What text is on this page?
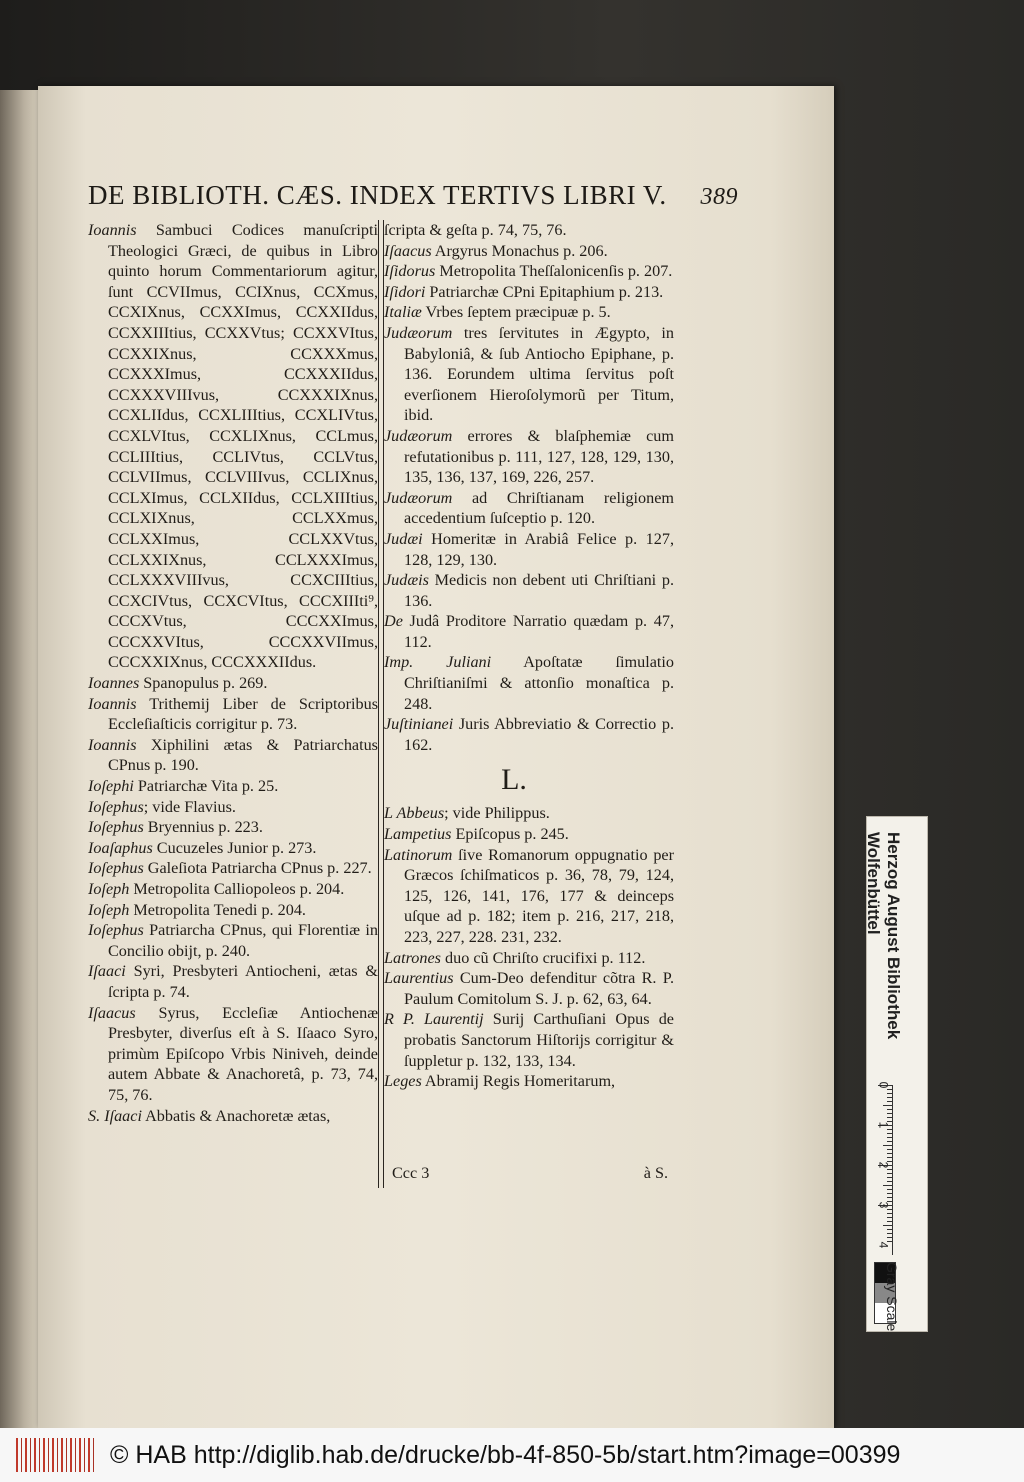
DE BIBLIOTH. CÆS. INDEX TERTIVS LIBRI V.	389

Ioannis Sambuci Codices manuſcripti Theologici Græci, de quibus in Libro quinto horum Commentariorum agitur, ſunt CCVIImus, CCIXnus, CCXmus, CCXIXnus, CCXXImus, CCXXIIdus, CCXXIIItius, CCXXVtus; CCXXVItus, CCXXIXnus, CCXXXmus, CCXXXImus, CCXXXIIdus, CCXXXVIIIvus, CCXXXIXnus, CCXLIIdus, CCXLIIItius, CCXLIVtus, CCXLVItus, CCXLIXnus, CCLmus, CCLIIItius, CCLIVtus, CCLVtus, CCLVIImus, CCLVIIIvus, CCLIXnus, CCLXImus, CCLXIIdus, CCLXIIItius, CCLXIXnus, CCLXXmus, CCLXXImus, CCLXXVtus, CCLXXIXnus, CCLXXXImus, CCLXXXVIIIvus, CCXCIIItius, CCXCIVtus, CCXCVItus, CCCXIIIti⁹, CCCXVtus, CCCXXImus, CCCXXVItus, CCCXXVIImus, CCCXXIXnus, CCCXXXIIdus.

Ioannes Spanopulus p. 269.

Ioannis Trithemij Liber de Scriptoribus Eccleſiaſticis corrigitur p. 73.

Ioannis Xiphilini ætas & Patriarchatus CPnus p. 190.

Ioſephi Patriarchæ Vita p. 25.

Ioſephus; vide Flavius.

Ioſephus Bryennius p. 223.

Ioaſaphus Cucuzeles Junior p. 273.

Ioſephus Galeſiota Patriarcha CPnus p. 227.

Ioſeph Metropolita Calliopoleos p. 204.

Ioſeph Metropolita Tenedi p. 204.

Ioſephus Patriarcha CPnus, qui Florentiæ in Concilio obijt, p. 240.

Iſaaci Syri, Presbyteri Antiocheni, ætas & ſcripta p. 74.

Iſaacus Syrus, Eccleſiæ Antiochenæ Presbyter, diverſus eſt à S. Iſaaco Syro, primùm Epiſcopo Vrbis Niniveh, deinde autem Abbate & Anachoretâ, p. 73, 74, 75, 76.

S. Iſaaci Abbatis & Anachoretæ ætas,

ſcripta & geſta p. 74, 75, 76.

Iſaacus Argyrus Monachus p. 206.

Iſidorus Metropolita Theſſalonicenſis p. 207.

Iſidori Patriarchæ CPni Epitaphium p. 213.

Italiæ Vrbes ſeptem præcipuæ p. 5.

Judæorum tres ſervitutes in Ægypto, in Babyloniâ, & ſub Antiocho Epiphane, p. 136. Eorundem ultima ſervitus poſt everſionem Hieroſolymorũ per Titum, ibid.

Judæorum errores & blaſphemiæ cum refutationibus p. 111, 127, 128, 129, 130, 135, 136, 137, 169, 226, 257.

Judæorum ad Chriſtianam religionem accedentium ſuſceptio p. 120.

Judæi Homeritæ in Arabiâ Felice p. 127, 128, 129, 130.

Judæis Medicis non debent uti Chriſtiani p. 136.

De Judâ Proditore Narratio quædam p. 47, 112.

Imp. Juliani Apoſtatæ ſimulatio Chriſtianiſmi & attonſio monaſtica p. 248.

Juſtinianei Juris Abbreviatio & Correctio p. 162.

L.

L Abbeus; vide Philippus.

Lampetius Epiſcopus p. 245.

Latinorum ſive Romanorum oppugnatio per Græcos ſchiſmaticos p. 36, 78, 79, 124, 125, 126, 141, 176, 177 & deinceps uſque ad p. 182; item p. 216, 217, 218, 223, 227, 228. 231, 232.

Latrones duo cũ Chriſto crucifixi p. 112.

Laurentius Cum-Deo defenditur cõtra R. P. Paulum Comitolum S. J. p. 62, 63, 64.

R P. Laurentij Surij Carthuſiani Opus de probatis Sanctorum Hiſtorijs corrigitur & ſuppletur p. 132, 133, 134.

Leges Abramij Regis Homeritarum,

Ccc 3	à S.
Herzog August Bibliothek
Wolfenbüttel
Gray Scale
© HAB http://diglib.hab.de/drucke/bb-4f-850-5b/start.htm?image=00399
0
1
2
3
4
